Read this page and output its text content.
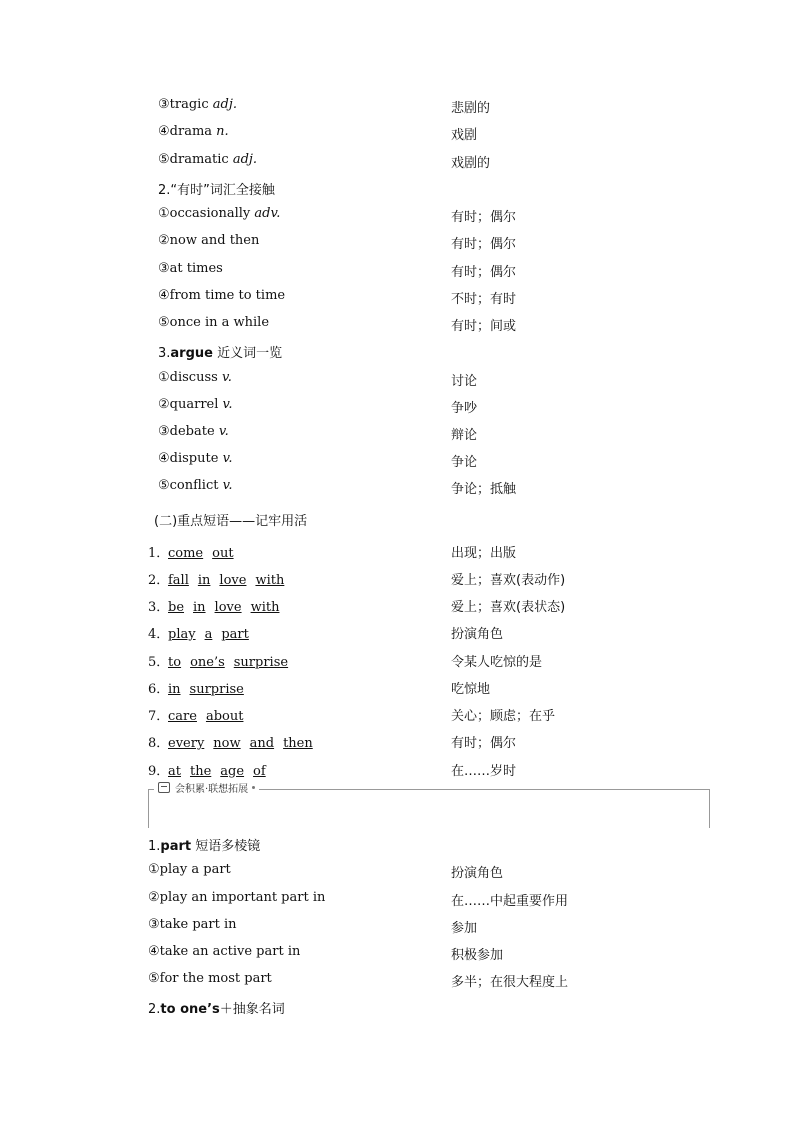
③tragic adj.	悲剧的
④drama n.	戏剧
⑤dramatic adj.	戏剧的
2.“有时”词汇全接触
①occasionally adv.	有时；偶尔
②now and then	有时；偶尔
③at times	有时；偶尔
④from time to time	不时；有时
⑤once in a while	有时；间或
3.argue 近义词一览
①discuss v.	讨论
②quarrel v.	争吵
③debate v.	辩论
④dispute v.	争论
⑤conflict v.	争论；抵触
(二)重点短语——记牢用活
1．come out	出现；出版
2．fall in love with	爱上；喜欢(表动作)
3．be in love with	爱上；喜欢(表状态)
4．play a part	扮演角色
5．to one’s surprise	令某人吃惊的是
6．in surprise	吃惊地
7．care about	关心；顾虑；在乎
8．every now and then	有时；偶尔
9．at the age of	在……岁时
会积累·联想拓展
1.part 短语多棱镜
①play a part	扮演角色
②play an important part in	在……中起重要作用
③take part in	参加
④take an active part in	积极参加
⑤for the most part	多半；在很大程度上
2.to one’s＋抽象名词
